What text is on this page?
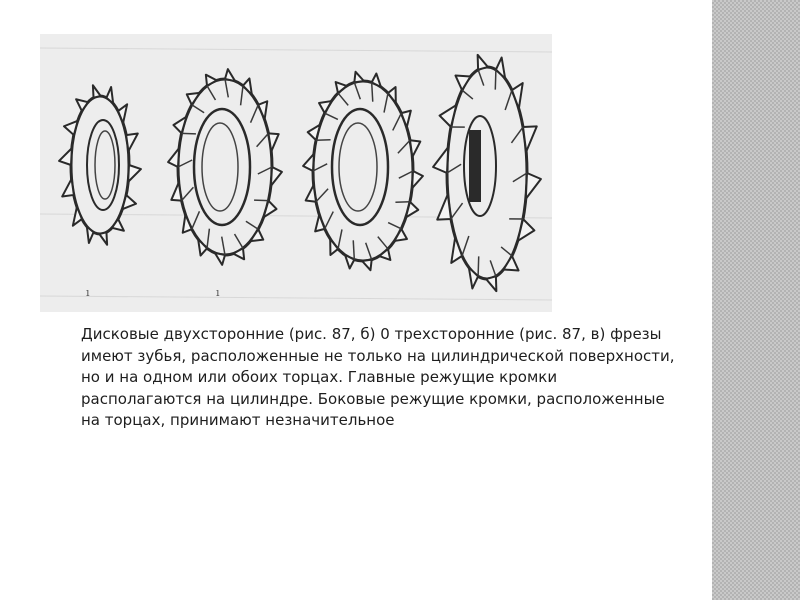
ı	ı

Дисковые двухсторонние (рис. 87, б) 0 трехсторонние (рис. 87, в) фрезы имеют зубья, расположенные не только на цилиндрической поверхности, но и на одном или обоих торцах. Главные режущие кромки располагаются на цилиндре. Боковые режущие кромки, расположенные на торцах, принимают незначительное
